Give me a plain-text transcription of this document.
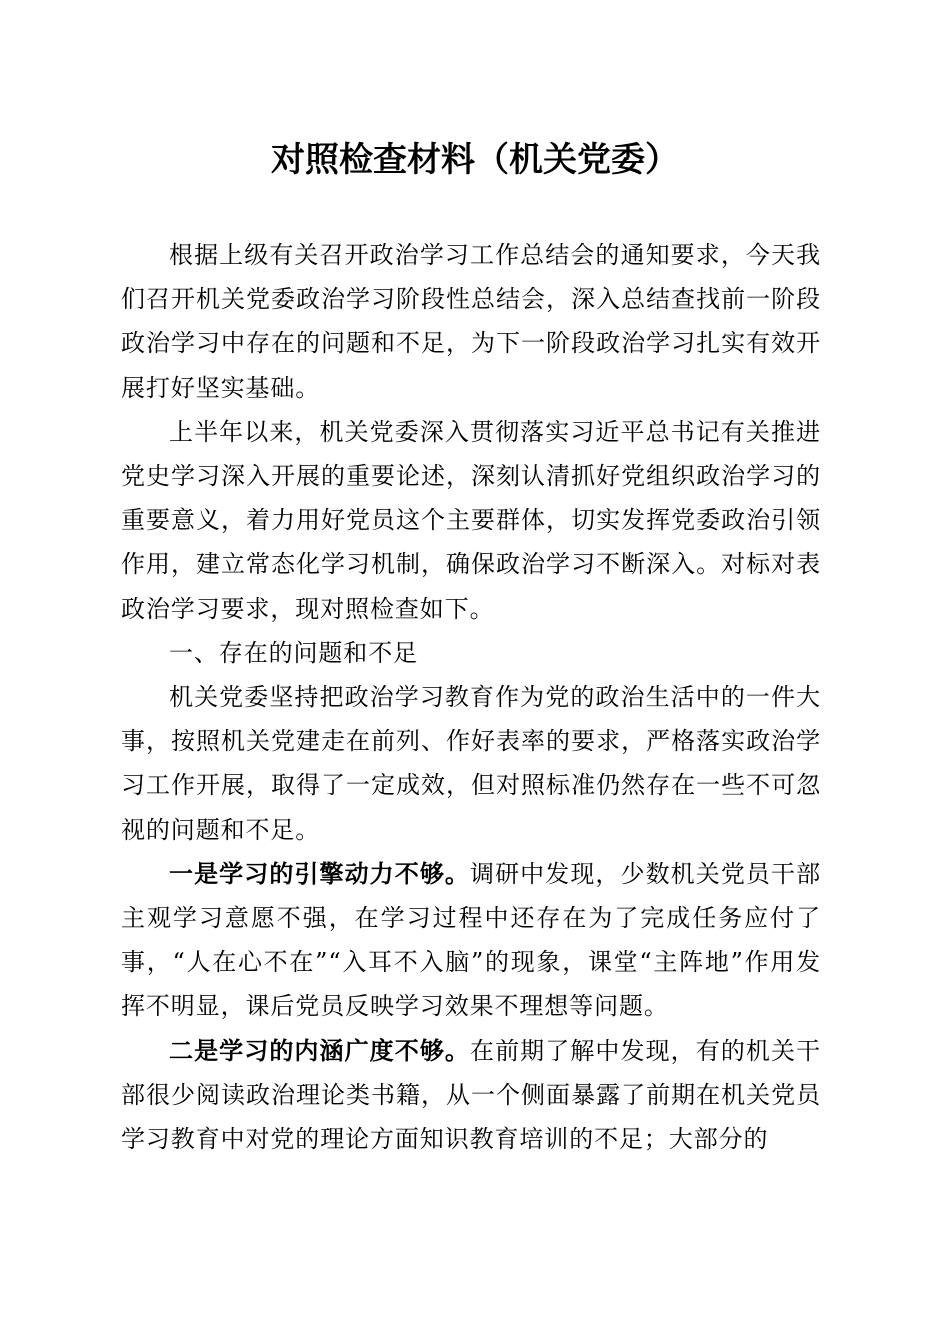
对照检查材料（机关党委）

根据上级有关召开政治学习工作总结会的通知要求，今天我们召开机关党委政治学习阶段性总结会，深入总结查找前一阶段政治学习中存在的问题和不足，为下一阶段政治学习扎实有效开展打好坚实基础。

上半年以来，机关党委深入贯彻落实习近平总书记有关推进党史学习深入开展的重要论述，深刻认清抓好党组织政治学习的重要意义，着力用好党员这个主要群体，切实发挥党委政治引领作用，建立常态化学习机制，确保政治学习不断深入。对标对表政治学习要求，现对照检查如下。

一、存在的问题和不足

机关党委坚持把政治学习教育作为党的政治生活中的一件大事，按照机关党建走在前列、作好表率的要求，严格落实政治学习工作开展，取得了一定成效，但对照标准仍然存在一些不可忽视的问题和不足。

一是学习的引擎动力不够。调研中发现，少数机关党员干部主观学习意愿不强，在学习过程中还存在为了完成任务应付了事，“人在心不在”“入耳不入脑”的现象，课堂“主阵地”作用发挥不明显，课后党员反映学习效果不理想等问题。

二是学习的内涵广度不够。在前期了解中发现，有的机关干部很少阅读政治理论类书籍，从一个侧面暴露了前期在机关党员学习教育中对党的理论方面知识教育培训的不足；大部分的
